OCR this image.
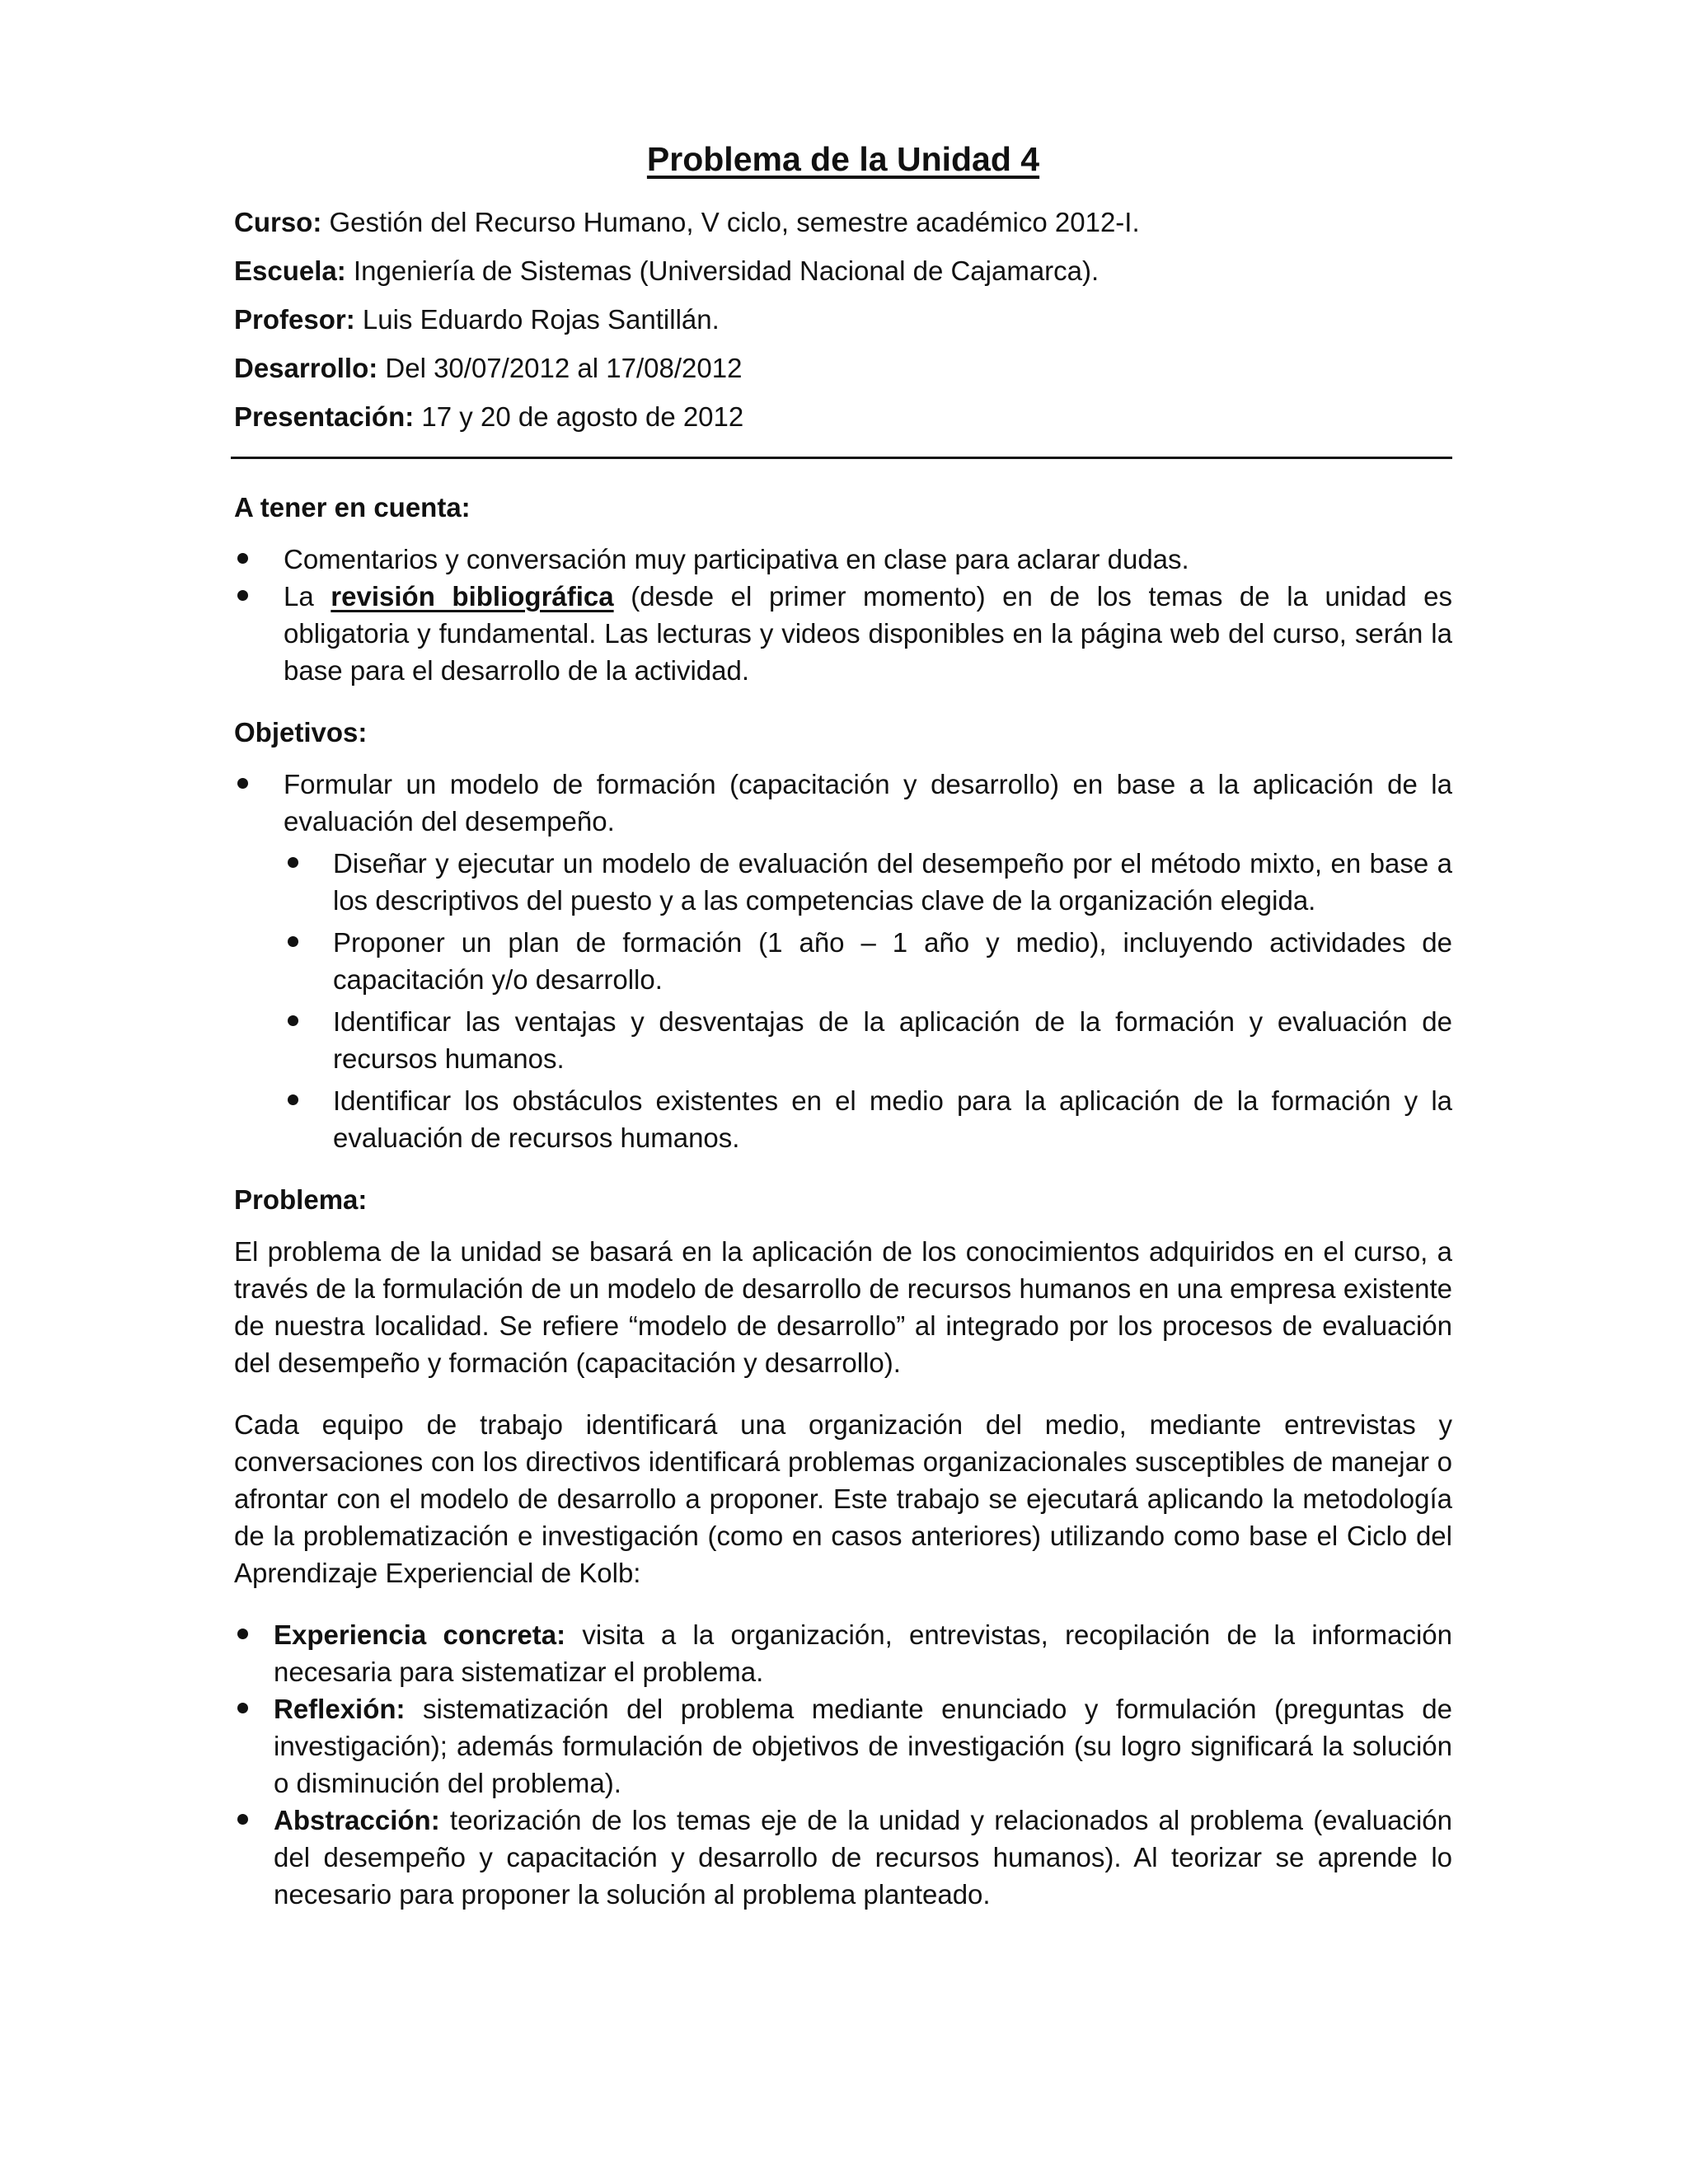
Problema de la Unidad 4
Curso: Gestión del Recurso Humano, V ciclo, semestre académico 2012-I.
Escuela: Ingeniería de Sistemas (Universidad Nacional de Cajamarca).
Profesor: Luis Eduardo Rojas Santillán.
Desarrollo: Del 30/07/2012 al 17/08/2012
Presentación: 17 y 20 de agosto de 2012
A tener en cuenta:
Comentarios y conversación muy participativa en clase para aclarar dudas.
La revisión bibliográfica (desde el primer momento) en de los temas de la unidad es obligatoria y fundamental. Las lecturas y videos disponibles en la página web del curso, serán la base para el desarrollo de la actividad.
Objetivos:
Formular un modelo de formación (capacitación y desarrollo) en base a la aplicación de la evaluación del desempeño.
Diseñar y ejecutar un modelo de evaluación del desempeño por el método mixto, en base a los descriptivos del puesto y a las competencias clave de la organización elegida.
Proponer un plan de formación (1 año – 1 año y medio), incluyendo actividades de capacitación y/o desarrollo.
Identificar las ventajas y desventajas de la aplicación de la formación y evaluación de recursos humanos.
Identificar los obstáculos existentes en el medio para la aplicación de la formación y la evaluación de recursos humanos.
Problema:

El problema de la unidad se basará en la aplicación de los conocimientos adquiridos en el curso, a través de la formulación de un modelo de desarrollo de recursos humanos en una empresa existente de nuestra localidad. Se refiere “modelo de desarrollo” al integrado por los procesos de evaluación del desempeño y formación (capacitación y desarrollo).

Cada equipo de trabajo identificará una organización del medio, mediante entrevistas y conversaciones con los directivos identificará problemas organizacionales susceptibles de manejar o afrontar con el modelo de desarrollo a proponer. Este trabajo se ejecutará aplicando la metodología de la problematización e investigación (como en casos anteriores) utilizando como base el Ciclo del Aprendizaje Experiencial de Kolb:

Experiencia concreta: visita a la organización, entrevistas, recopilación de la información necesaria para sistematizar el problema.
Reflexión: sistematización del problema mediante enunciado y formulación (preguntas de investigación); además formulación de objetivos de investigación (su logro significará la solución o disminución del problema).
Abstracción: teorización de los temas eje de la unidad y relacionados al problema (evaluación del desempeño y capacitación y desarrollo de recursos humanos). Al teorizar se aprende lo necesario para proponer la solución al problema planteado.
